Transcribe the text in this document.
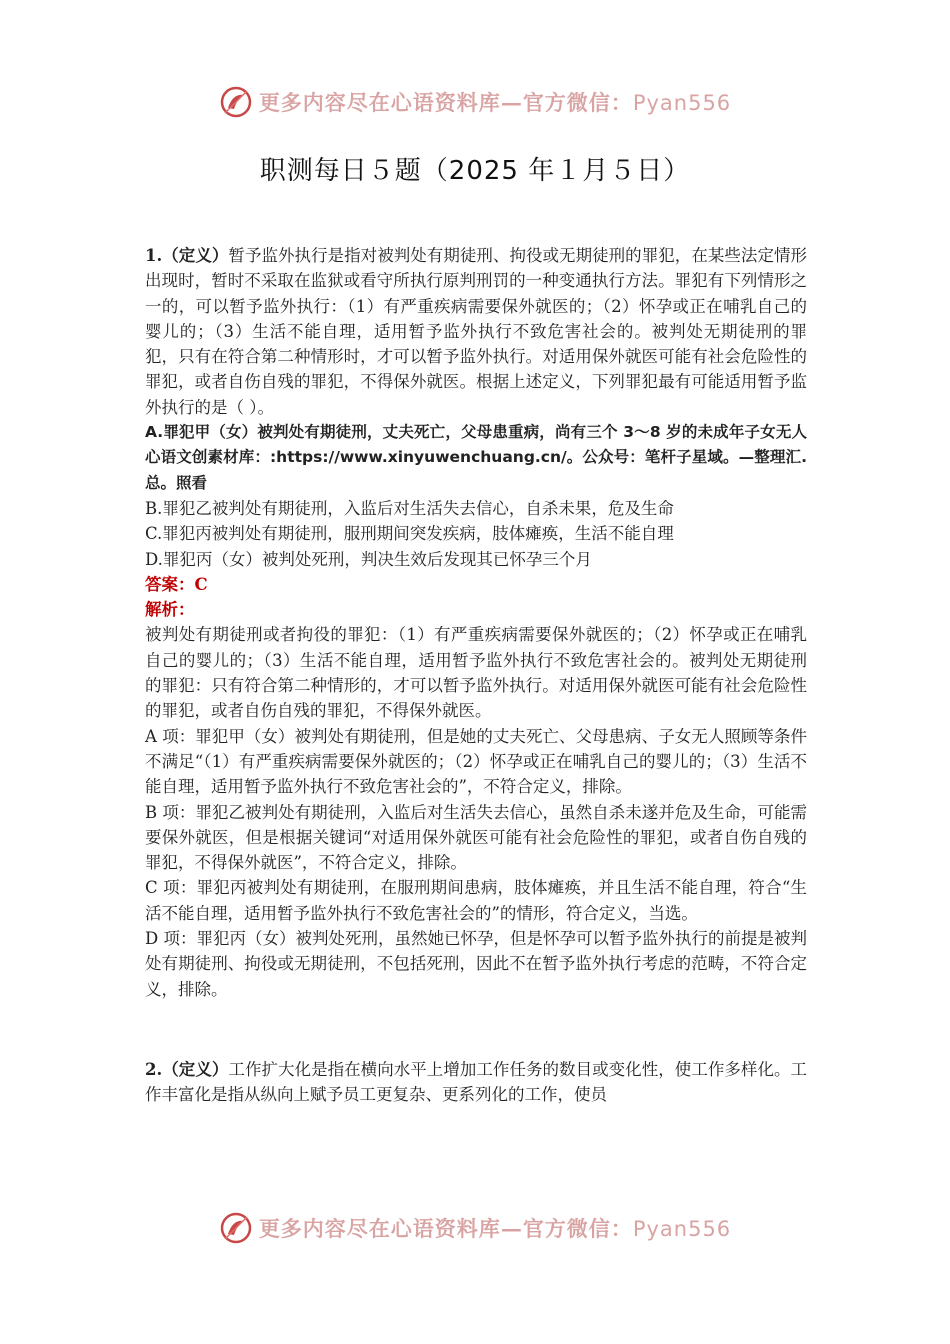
更多内容尽在心语资料库—官方微信：Pyan556
职测每日５题（2025 年１月５日）

1.（定义）暂予监外执行是指对被判处有期徒刑、拘役或无期徒刑的罪犯，在某些法定情形出现时，暂时不采取在监狱或看守所执行原判刑罚的一种变通执行方法。罪犯有下列情形之一的，可以暂予监外执行：（1）有严重疾病需要保外就医的；（2）怀孕或正在哺乳自己的婴儿的；（3）生活不能自理，适用暂予监外执行不致危害社会的。被判处无期徒刑的罪犯，只有在符合第二种情形时，才可以暂予监外执行。对适用保外就医可能有社会危险性的罪犯，或者自伤自残的罪犯，不得保外就医。根据上述定义，下列罪犯最有可能适用暂予监外执行的是（ ）。

A.罪犯甲（女）被判处有期徒刑，丈夫死亡，父母患重病，尚有三个 3～8 岁的未成年子女无人心语文创素材库：:https://www.xinyuwenchuang.cn/。公众号：笔杆子星域。—整理汇.总。照看

B.罪犯乙被判处有期徒刑，入监后对生活失去信心，自杀未果，危及生命

C.罪犯丙被判处有期徒刑，服刑期间突发疾病，肢体瘫痪，生活不能自理

D.罪犯丙（女）被判处死刑，判决生效后发现其已怀孕三个月

答案：C

解析：

被判处有期徒刑或者拘役的罪犯：（1）有严重疾病需要保外就医的；（2）怀孕或正在哺乳自己的婴儿的；（3）生活不能自理，适用暂予监外执行不致危害社会的。被判处无期徒刑的罪犯：只有符合第二种情形的，才可以暂予监外执行。对适用保外就医可能有社会危险性的罪犯，或者自伤自残的罪犯，不得保外就医。

A 项：罪犯甲（女）被判处有期徒刑，但是她的丈夫死亡、父母患病、子女无人照顾等条件不满足“（1）有严重疾病需要保外就医的；（2）怀孕或正在哺乳自己的婴儿的；（3）生活不能自理，适用暂予监外执行不致危害社会的”，不符合定义，排除。

B 项：罪犯乙被判处有期徒刑，入监后对生活失去信心，虽然自杀未遂并危及生命，可能需要保外就医，但是根据关键词“对适用保外就医可能有社会危险性的罪犯，或者自伤自残的罪犯，不得保外就医”，不符合定义，排除。

C 项：罪犯丙被判处有期徒刑，在服刑期间患病，肢体瘫痪，并且生活不能自理，符合“生活不能自理，适用暂予监外执行不致危害社会的”的情形，符合定义，当选。

D 项：罪犯丙（女）被判处死刑，虽然她已怀孕，但是怀孕可以暂予监外执行的前提是被判处有期徒刑、拘役或无期徒刑，不包括死刑，因此不在暂予监外执行考虑的范畴，不符合定义，排除。

2.（定义）工作扩大化是指在横向水平上增加工作任务的数目或变化性，使工作多样化。工作丰富化是指从纵向上赋予员工更复杂、更系列化的工作，使员

更多内容尽在心语资料库—官方微信：Pyan556
